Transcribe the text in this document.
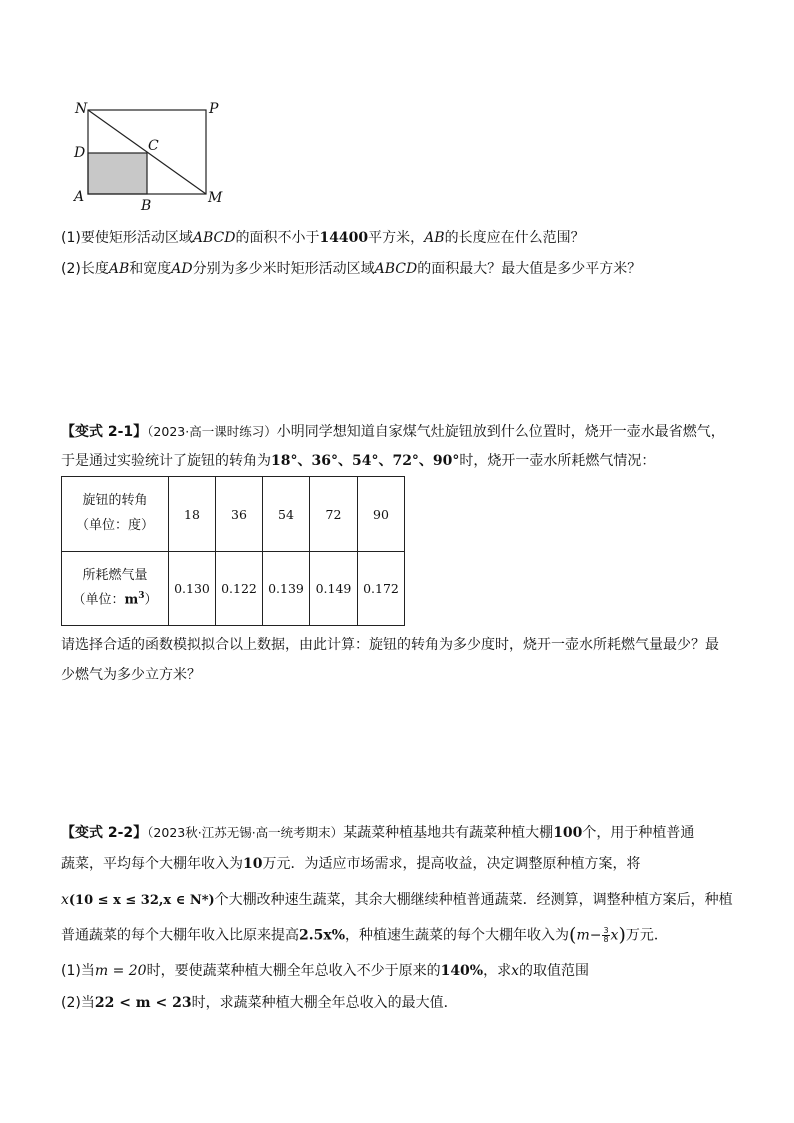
N	P
D	C
A
B	M
(1)要使矩形活动区域ABCD的面积不小于14400平方米，AB的长度应在什么范围？
(2)长度AB和宽度AD分别为多少米时矩形活动区域ABCD的面积最大？最大值是多少平方米？
【变式 2-1】（2023·高一课时练习）小明同学想知道自家煤气灶旋钮放到什么位置时，烧开一壶水最省燃气，
于是通过实验统计了旋钮的转角为18°、36°、54°、72°、90°时，烧开一壶水所耗燃气情况：
旋钮的转角
（单位：度）	18	36	54	72	90

所耗燃气量
（单位：$m^3$）	0.130	0.122	0.139	0.149	0.172
请选择合适的函数模拟拟合以上数据，由此计算：旋钮的转角为多少度时，烧开一壶水所耗燃气量最少？最
少燃气为多少立方米？
【变式 2-2】（2023秋·江苏无锡·高一统考期末）某蔬菜种植基地共有蔬菜种植大棚100个，用于种植普通
蔬菜，平均每个大棚年收入为10万元．为适应市场需求，提高收益，决定调整原种植方案，将
x(10 ≤ x ≤ 32,x ∈ N*)个大棚改种速生蔬菜，其余大棚继续种植普通蔬菜．经测算，调整种植方案后，种植
普通蔬菜的每个大棚年收入比原来提高2.5x%，种植速生蔬菜的每个大棚年收入为$(m- \frac{3}{8} x)$万元．
(1)当m = 20时，要使蔬菜种植大棚全年总收入不少于原来的140%，求x的取值范围
(2)当22 < m < 23时，求蔬菜种植大棚全年总收入的最大值．
